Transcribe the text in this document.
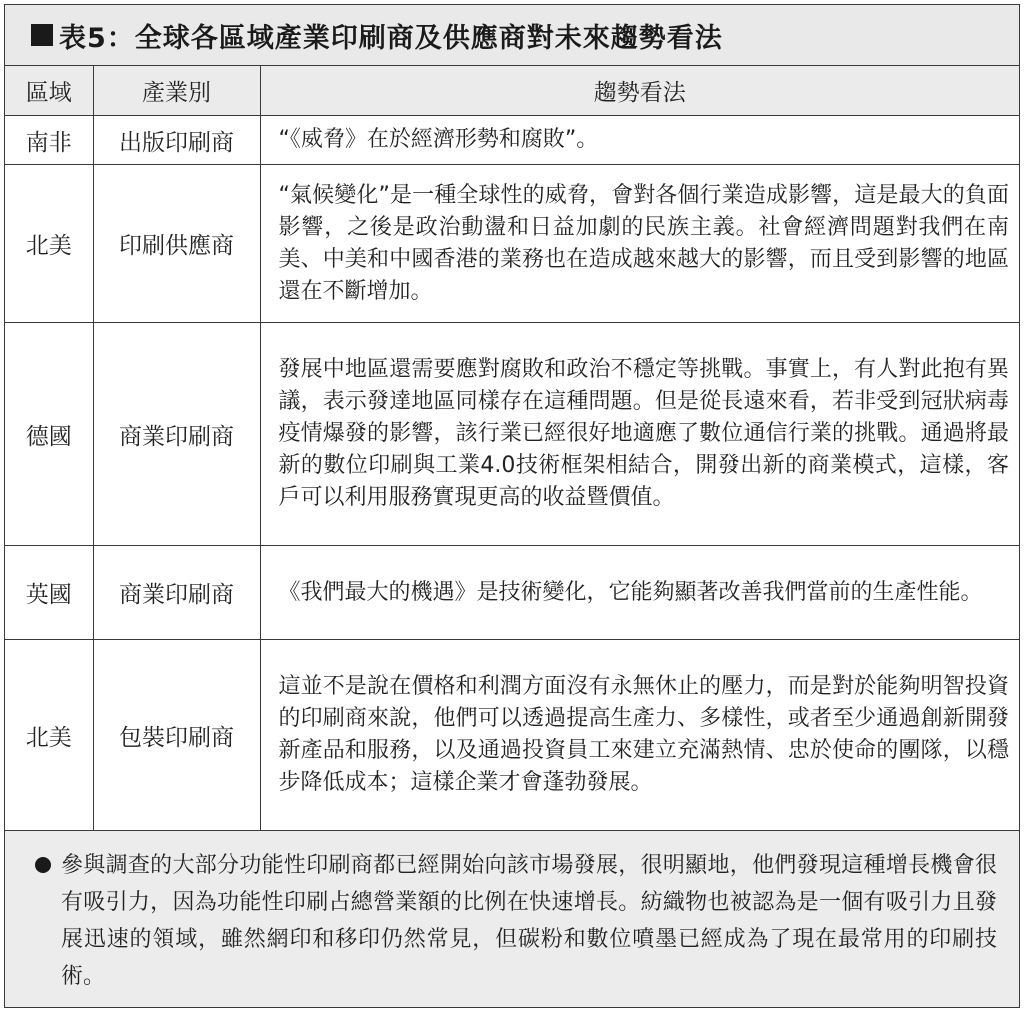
表5：全球各區域產業印刷商及供應商對未來趨勢看法
區域	產業別	趨勢看法
南非	出版印刷商	“《威脅》在於經濟形勢和腐敗”。
北美	印刷供應商	“氣候變化”是一種全球性的威脅，會對各個行業造成影響，這是最大的負面影響，之後是政治動盪和日益加劇的民族主義。社會經濟問題對我們在南美、中美和中國香港的業務也在造成越來越大的影響，而且受到影響的地區還在不斷增加。
德國	商業印刷商	發展中地區還需要應對腐敗和政治不穩定等挑戰。事實上，有人對此抱有異議，表示發達地區同樣存在這種問題。但是從長遠來看，若非受到冠狀病毒疫情爆發的影響，該行業已經很好地適應了數位通信行業的挑戰。通過將最新的數位印刷與工業4.0技術框架相結合，開發出新的商業模式，這樣，客戶可以利用服務實現更高的收益暨價值。
英國	商業印刷商	《我們最大的機遇》是技術變化，它能夠顯著改善我們當前的生產性能。
北美	包裝印刷商	這並不是說在價格和利潤方面沒有永無休止的壓力，而是對於能夠明智投資的印刷商來說，他們可以透過提高生產力、多樣性，或者至少通過創新開發新產品和服務，以及通過投資員工來建立充滿熱情、忠於使命的團隊，以穩步降低成本；這樣企業才會蓬勃發展。
參與調查的大部分功能性印刷商都已經開始向該市場發展，很明顯地，他們發現這種增長機會很有吸引力，因為功能性印刷占總營業額的比例在快速增長。紡織物也被認為是一個有吸引力且發展迅速的領域，雖然網印和移印仍然常見，但碳粉和數位噴墨已經成為了現在最常用的印刷技術。
